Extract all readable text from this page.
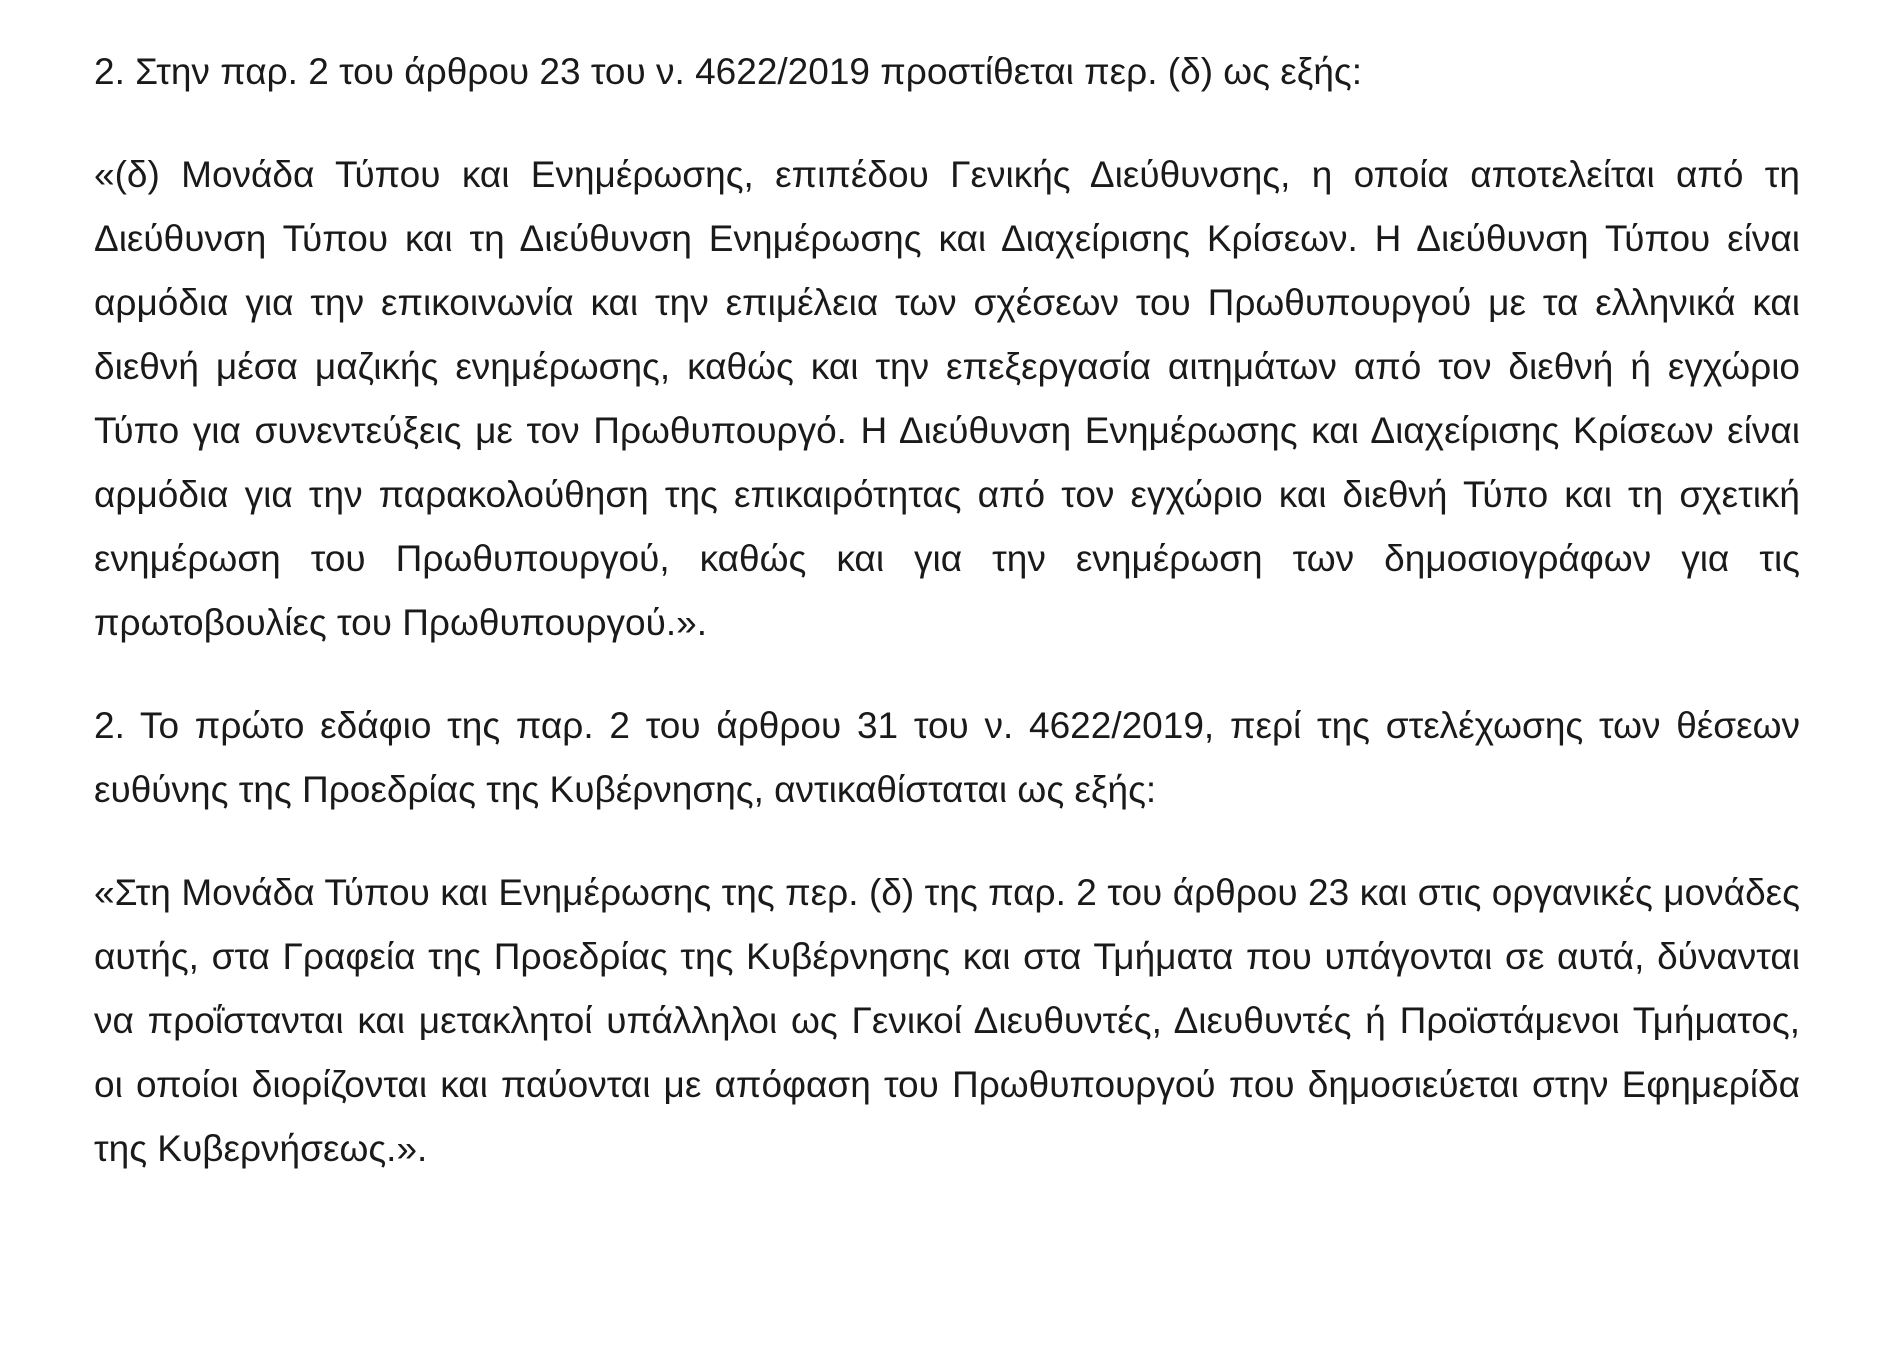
2. Στην παρ. 2 του άρθρου 23 του ν. 4622/2019 προστίθεται περ. (δ) ως εξής:

«(δ) Μονάδα Τύπου και Ενημέρωσης, επιπέδου Γενικής Διεύθυνσης, η οποία αποτελείται από τη Διεύθυνση Τύπου και τη Διεύθυνση Ενημέρωσης και Διαχείρισης Κρίσεων. Η Διεύθυνση Τύπου είναι αρμόδια για την επικοινωνία και την επιμέλεια των σχέσεων του Πρωθυπουργού με τα ελληνικά και διεθνή μέσα μαζικής ενημέρωσης, καθώς και την επεξεργασία αιτημάτων από τον διεθνή ή εγχώριο Τύπο για συνεντεύξεις με τον Πρωθυπουργό. Η Διεύθυνση Ενημέρωσης και Διαχείρισης Κρίσεων είναι αρμόδια για την παρακολούθηση της επικαιρότητας από τον εγχώριο και διεθνή Τύπο και τη σχετική ενημέρωση του Πρωθυπουργού, καθώς και για την ενημέρωση των δημοσιογράφων για τις πρωτοβουλίες του Πρωθυπουργού.».

2. Το πρώτο εδάφιο της παρ. 2 του άρθρου 31 του ν. 4622/2019, περί της στελέχωσης των θέσεων ευθύνης της Προεδρίας της Κυβέρνησης, αντικαθίσταται ως εξής:

«Στη Μονάδα Τύπου και Ενημέρωσης της περ. (δ) της παρ. 2 του άρθρου 23 και στις οργανικές μονάδες αυτής, στα Γραφεία της Προεδρίας της Κυβέρνησης και στα Τμήματα που υπάγονται σε αυτά, δύνανται να προΐστανται και μετακλητοί υπάλληλοι ως Γενικοί Διευθυντές, Διευθυντές ή Προϊστάμενοι Τμήματος, οι οποίοι διορίζονται και παύονται με απόφαση του Πρωθυπουργού που δημοσιεύεται στην Εφημερίδα της Κυβερνήσεως.».
